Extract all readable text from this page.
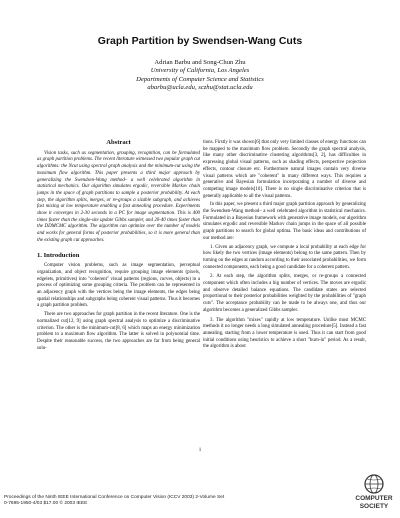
Graph Partition by Swendsen-Wang Cuts
Adrian Barbu and Song-Chun Zhu
University of California, Los Angeles
Departments of Computer Science and Statistics
abarbu@ucla.edu, sczhu@stat.ucla.edu
Abstract

Vision tasks, such as segmentation, grouping, recognition, can be formulated as graph partition problems. The recent literature witnessed two popular graph cut algorithms: the Ncut using spectral graph analysis and the minimum-cut using the maximum flow algorithm. This paper presents a third major approach by generalizing the Swendsen-Wang method– a well celebrated algorithm in statistical mechanics. Our algorithm simulates ergodic, reversible Markov chain jumps in the space of graph partitions to sample a posterior probability. At each step, the algorithm splits, merges, or re-groups a sizable subgraph, and achieves fast mixing at low temperature enabling a fast annealing procedure. Experiments show it converges in 2-30 seconds in a PC for image segmentation. This is 400 times faster than the single-site update Gibbs sampler, and 20-40 times faster than the DDMCMC algorithm. The algorithm can optimize over the number of models and works for general forms of posterior probabilities, so it is more general than the existing graph cut approaches.

1. Introduction

Computer vision problems, such as image segmentation, perceptual organization, and object recognition, require grouping image elements (pixels, edgelets, primitives) into "coherent" visual patterns (regions, curves, objects) in a process of optimizing some grouping criteria. The problem can be represented in an adjacency graph with the vertices being the image elements, the edges being spatial relationships and subgraphs being coherent visual patterns. Thus it becomes a graph partition problem.

There are two approaches for graph partition in the recent literature. One is the normalized cut[12, 9] using graph spectral analysis to optimize a discriminative criterion. The other is the minimum-cut[8, 6] which maps an energy minimization problem to a maximum flow algorithm. The latter is solved in polynomial time. Despite their reasonable success, the two approaches are far from being general solu-

tions. Firstly it was shown[6] that only very limited classes of energy functions can be mapped to the maximum flow problem. Secondly the graph spectral analysis, like many other discriminative clustering algorithms[3, 2], has difficulties in expressing global visual patterns, such as shading effects, perspective projection effects, contour closure etc. Furthermore natural images contain very diverse visual patterns which are "coherent" in many different ways. This requires a generative and Bayesian formulation incorporating a number of diverse and competing image models[10]. There is no single discriminative criterion that is generally applicable to all the visual patterns.

In this paper, we present a third major graph partition approach by generalizing the Swendsen-Wang method– a well celebrated algorithm in statistical mechanics. Formulated in a Bayesian framework with generative image models, our algorithm simulates ergodic and reversible Markov chain jumps in the space of all possible graph partitions to search for global optima. The basic ideas and contributions of our method are:

1. Given an adjacency graph, we compute a local probability at each edge for how likely the two vertices (image elements) belong to the same pattern. Then by turning on the edges at random according to their associated probabilities, we form connected components, each being a good candidate for a coherent pattern.

2. At each step, the algorithm splits, merges, or re-groups a connected component which often includes a big number of vertices. The moves are ergodic and observe detailed balance equations. The candidate states are selected proportional to their posterior probabilities weighted by the probabilities of "graph cuts". The acceptance probability can be made to be always one, and thus our algorithm becomes a generalized Gibbs sampler.

3. The algorithm "mixes" rapidly at low temperature. Unlike most MCMC methods it no longer needs a long simulated annealing procedure[5]. Instead a fast annealing, starting from a lower temperature is used. Thus it can start from good initial conditions using heuristics to achieve a short "burn-in" period. As a result, the algorithm is about

1
Proceedings of the Ninth IEEE International Conference on Computer Vision (ICCV 2003) 2-Volume Set
0-7695-1950-4/03 $17.00 © 2003 IEEE
COMPUTER
SOCIETY
